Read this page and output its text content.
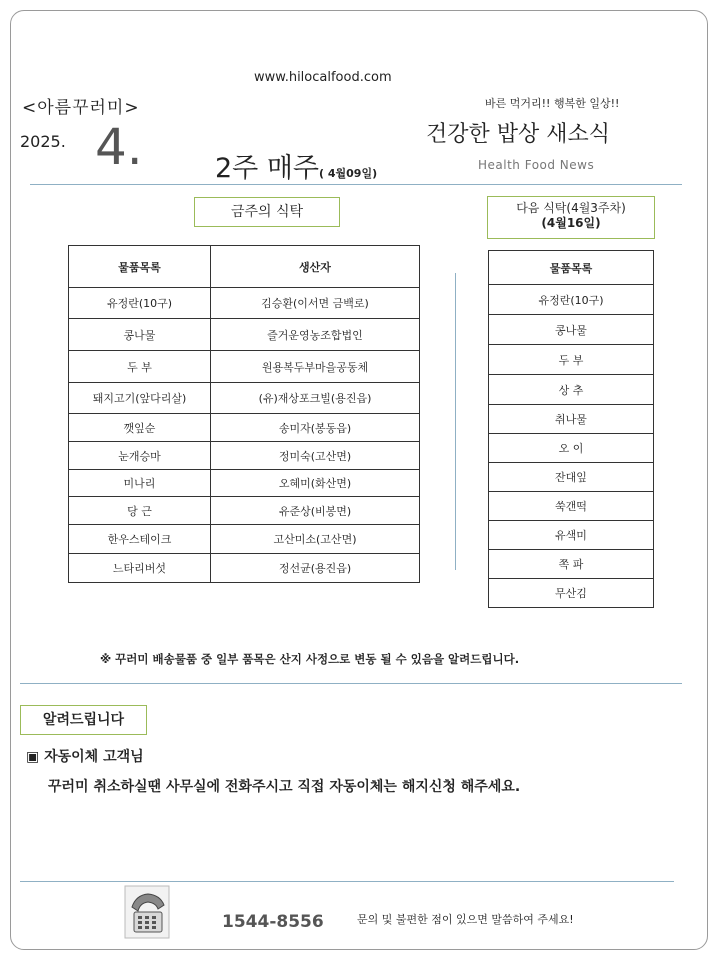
www.hilocalfood.com
<아름꾸러미>	바른 먹거리!! 행복한 일상!!
2025. 4.	2주 매주( 4월09일)
건강한 밥상 새소식
Health Food News
금주의 식탁
물품목록	생산자
유정란(10구)	김승환(이서면 금백로)
콩나물	즐거운영농조합법인
두 부	원용복두부마을공동체
돼지고기(앞다리살)	(유)재상포크빌(용진읍)
깻잎순	송미자(봉동읍)
눈개승마	정미숙(고산면)
미나리	오혜미(화산면)
당 근	유준상(비봉면)
한우스테이크	고산미소(고산면)
느타리버섯	정선균(용진읍)
다음 식탁(4월3주차)
(4월16일)
물품목록
유정란(10구)
콩나물
두 부
상 추
취나물
오 이
잔대잎
쑥갠떡
유색미
쪽 파
무산김
※ 꾸러미 배송물품 중 일부 품목은 산지 사정으로 변동 될 수 있음을 알려드립니다.
알려드립니다
▣ 자동이체 고객님
꾸러미 취소하실땐 사무실에 전화주시고 직접 자동이체는 해지신청 해주세요.
1544-8556	문의 및 불편한 점이 있으면 말씀하여 주세요!
